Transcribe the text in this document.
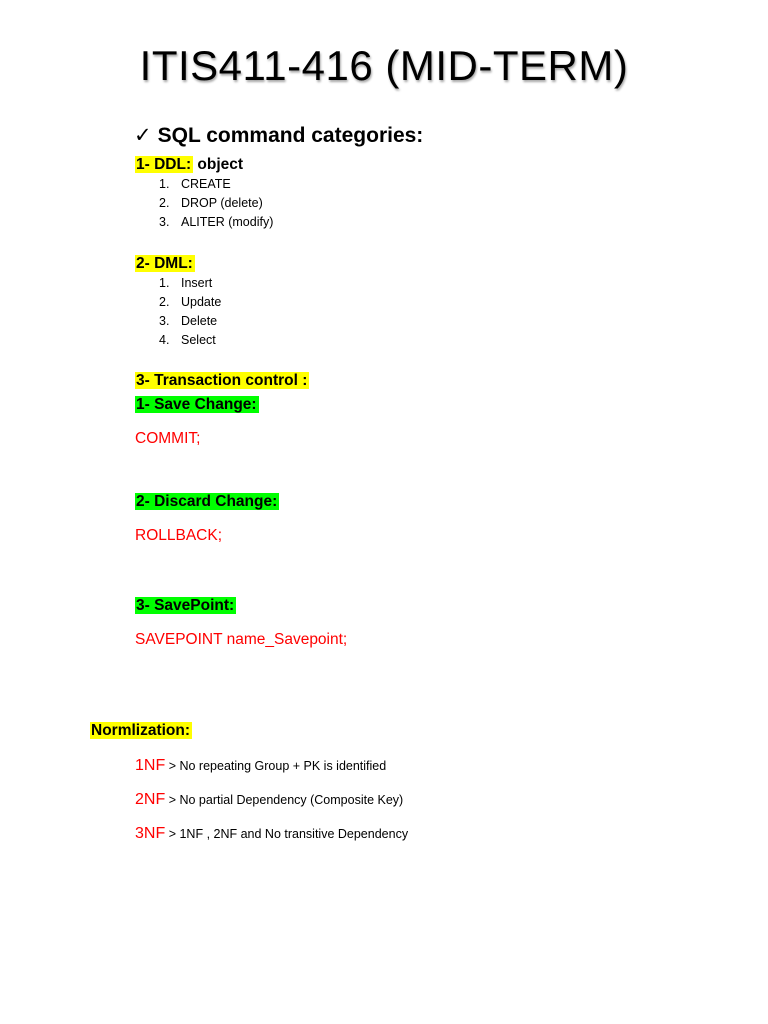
ITIS411-416 (MID-TERM)
✓ SQL command categories:
1- DDL: object
1. CREATE
2. DROP (delete)
3. ALITER (modify)
2- DML:
1. Insert
2. Update
3. Delete
4. Select
3- Transaction control :
1- Save Change:
COMMIT;
2- Discard Change:
ROLLBACK;
3- SavePoint:
SAVEPOINT name_Savepoint;
Normlization:
1NF > No repeating Group + PK is identified
2NF > No partial Dependency (Composite Key)
3NF > 1NF , 2NF and No transitive Dependency
